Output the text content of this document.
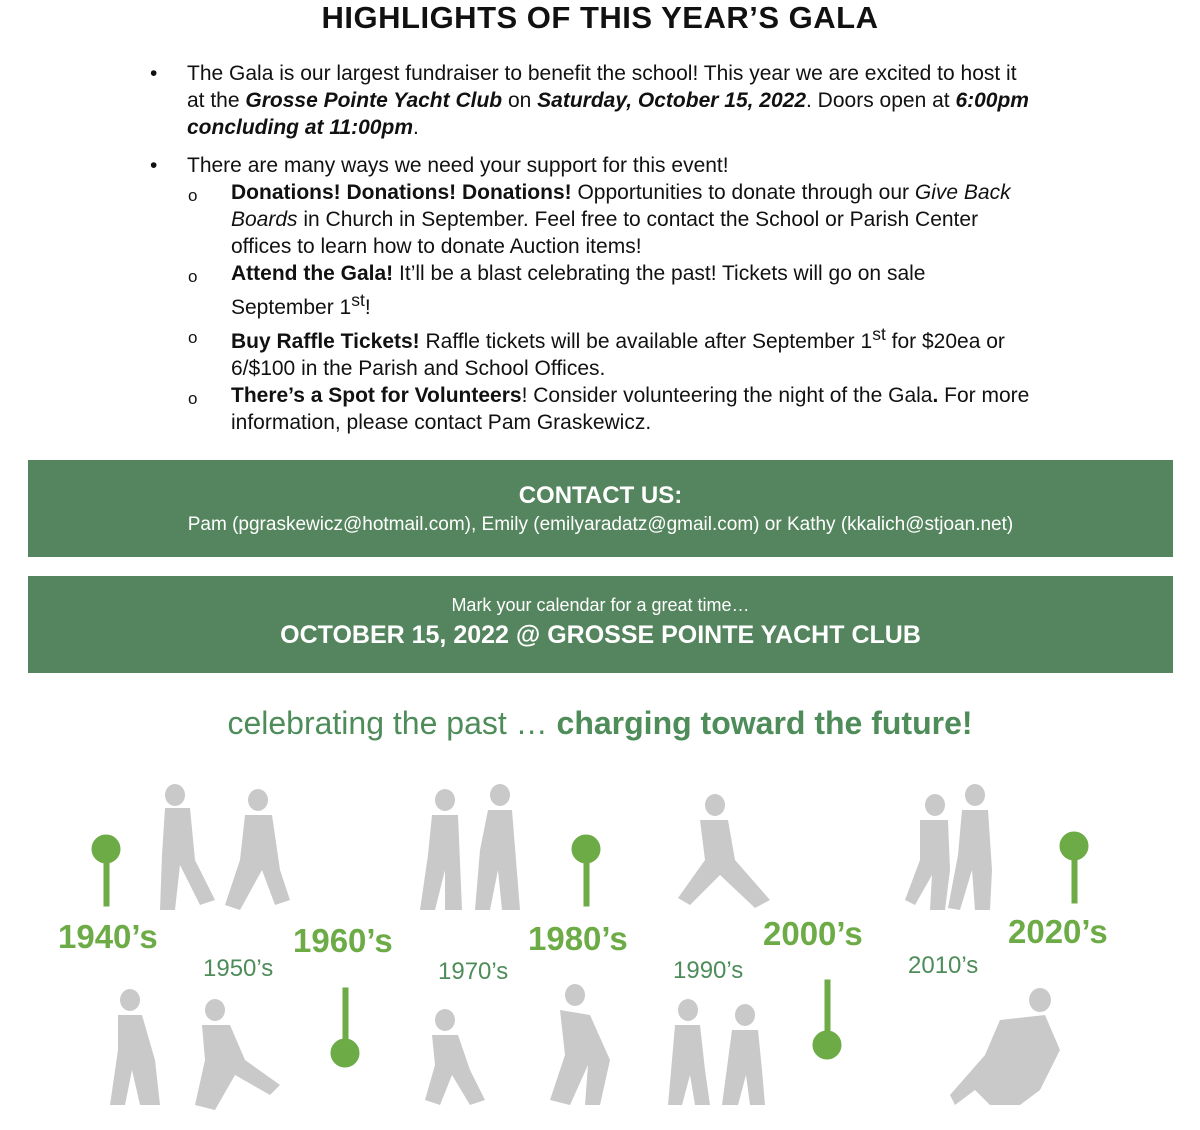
HIGHLIGHTS OF THIS YEAR’S GALA
• The Gala is our largest fundraiser to benefit the school! This year we are excited to host it at the Grosse Pointe Yacht Club on Saturday, October 15, 2022. Doors open at 6:00pm concluding at 11:00pm.
• There are many ways we need your support for this event!
o Donations! Donations! Donations! Opportunities to donate through our Give Back Boards in Church in September. Feel free to contact the School or Parish Center offices to learn how to donate Auction items!
o Attend the Gala! It’ll be a blast celebrating the past! Tickets will go on sale September 1st!
o Buy Raffle Tickets! Raffle tickets will be available after September 1st for $20ea or 6/$100 in the Parish and School Offices.
o There’s a Spot for Volunteers! Consider volunteering the night of the Gala. For more information, please contact Pam Graskewicz.
CONTACT US:
Pam (pgraskewicz@hotmail.com), Emily (emilyaradatz@gmail.com) or Kathy (kkalich@stjoan.net)
Mark your calendar for a great time…
OCTOBER 15, 2022 @ GROSSE POINTE YACHT CLUB
celebrating the past … charging toward the future!
1940’s
1950’s
1960’s
1970’s
1980’s
1990’s
2000’s
2010’s
2020’s
